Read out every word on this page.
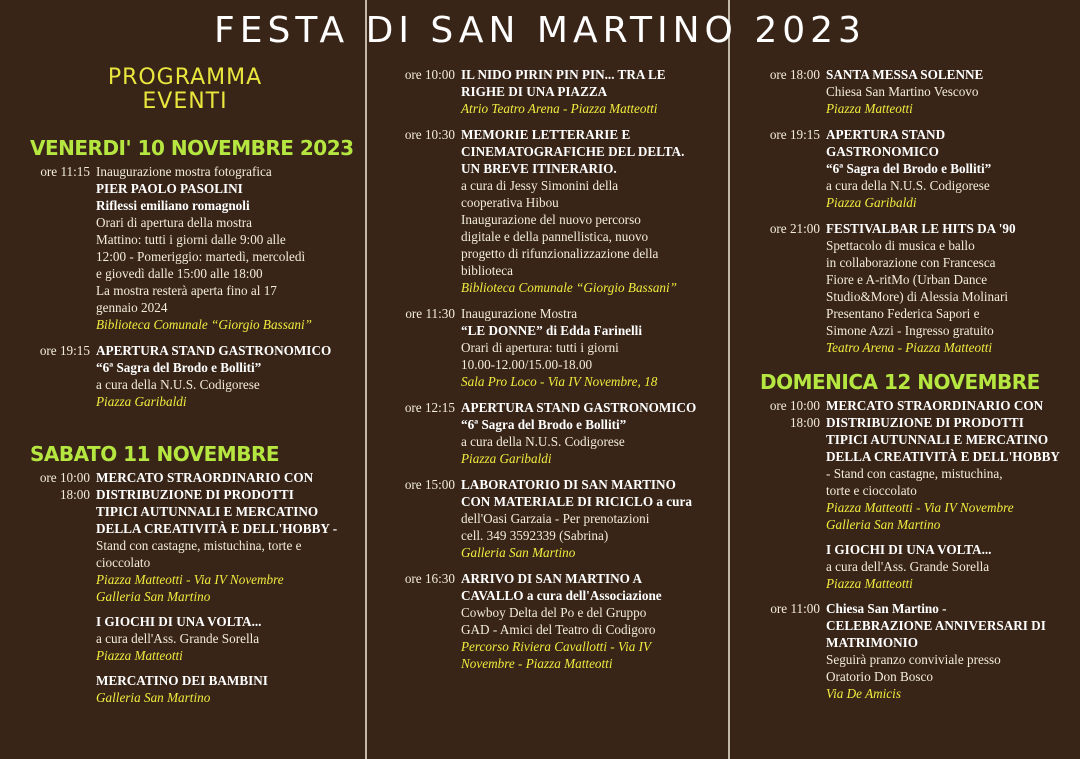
FESTA DI SAN MARTINO 2023
PROGRAMMA
EVENTI
VENERDI' 10 NOVEMBRE 2023
ore 11:15 Inaugurazione mostra fotografica
PIER PAOLO PASOLINI
Riflessi emiliano romagnoli
Orari di apertura della mostra
Mattino: tutti i giorni dalle 9:00 alle
12:00 - Pomeriggio: martedì, mercoledì
e giovedì dalle 15:00 alle 18:00
La mostra resterà aperta fino al 17
gennaio 2024
Biblioteca Comunale “Giorgio Bassani”
ore 19:15 APERTURA STAND GASTRONOMICO
“6ª Sagra del Brodo e Bolliti”
a cura della N.U.S. Codigorese
Piazza Garibaldi
SABATO 11 NOVEMBRE
ore 10:00
18:00
MERCATO STRAORDINARIO CON
DISTRIBUZIONE DI PRODOTTI
TIPICI AUTUNNALI E MERCATINO
DELLA CREATIVITÀ E DELL'HOBBY -
Stand con castagne, mistuchina, torte e
cioccolato
Piazza Matteotti - Via IV Novembre
Galleria San Martino
I GIOCHI DI UNA VOLTA...
a cura dell'Ass. Grande Sorella
Piazza Matteotti
MERCATINO DEI BAMBINI
Galleria San Martino
ore 10:00 IL NIDO PIRIN PIN PIN... TRA LE
RIGHE DI UNA PIAZZA
Atrio Teatro Arena - Piazza Matteotti
ore 10:30 MEMORIE LETTERARIE E
CINEMATOGRAFICHE DEL DELTA.
UN BREVE ITINERARIO.
a cura di Jessy Simonini della
cooperativa Hibou
Inaugurazione del nuovo percorso
digitale e della pannellistica, nuovo
progetto di rifunzionalizzazione della
biblioteca
Biblioteca Comunale “Giorgio Bassani”
ore 11:30 Inaugurazione Mostra
“LE DONNE” di Edda Farinelli
Orari di apertura: tutti i giorni
10.00-12.00/15.00-18.00
Sala Pro Loco - Via IV Novembre, 18
ore 12:15 APERTURA STAND GASTRONOMICO
“6ª Sagra del Brodo e Bolliti”
a cura della N.U.S. Codigorese
Piazza Garibaldi
ore 15:00 LABORATORIO DI SAN MARTINO
CON MATERIALE DI RICICLO a cura
dell'Oasi Garzaia - Per prenotazioni
cell. 349 3592339 (Sabrina)
Galleria San Martino
ore 16:30 ARRIVO DI SAN MARTINO A
CAVALLO a cura dell'Associazione
Cowboy Delta del Po e del Gruppo
GAD - Amici del Teatro di Codigoro
Percorso Riviera Cavallotti - Via IV
Novembre - Piazza Matteotti
ore 18:00 SANTA MESSA SOLENNE
Chiesa San Martino Vescovo
Piazza Matteotti
ore 19:15 APERTURA STAND
GASTRONOMICO
“6ª Sagra del Brodo e Bolliti”
a cura della N.U.S. Codigorese
Piazza Garibaldi
ore 21:00 FESTIVALBAR LE HITS DA '90
Spettacolo di musica e ballo
in collaborazione con Francesca
Fiore e A-ritMo (Urban Dance
Studio&More) di Alessia Molinari
Presentano Federica Sapori e
Simone Azzi - Ingresso gratuito
Teatro Arena - Piazza Matteotti
DOMENICA 12 NOVEMBRE
ore 10:00
18:00
MERCATO STRAORDINARIO CON
DISTRIBUZIONE DI PRODOTTI
TIPICI AUTUNNALI E MERCATINO
DELLA CREATIVITÀ E DELL'HOBBY
- Stand con castagne, mistuchina,
torte e cioccolato
Piazza Matteotti - Via IV Novembre
Galleria San Martino
I GIOCHI DI UNA VOLTA...
a cura dell'Ass. Grande Sorella
Piazza Matteotti
ore 11:00 Chiesa San Martino -
CELEBRAZIONE ANNIVERSARI DI
MATRIMONIO
Seguirà pranzo conviviale presso
Oratorio Don Bosco
Via De Amicis
